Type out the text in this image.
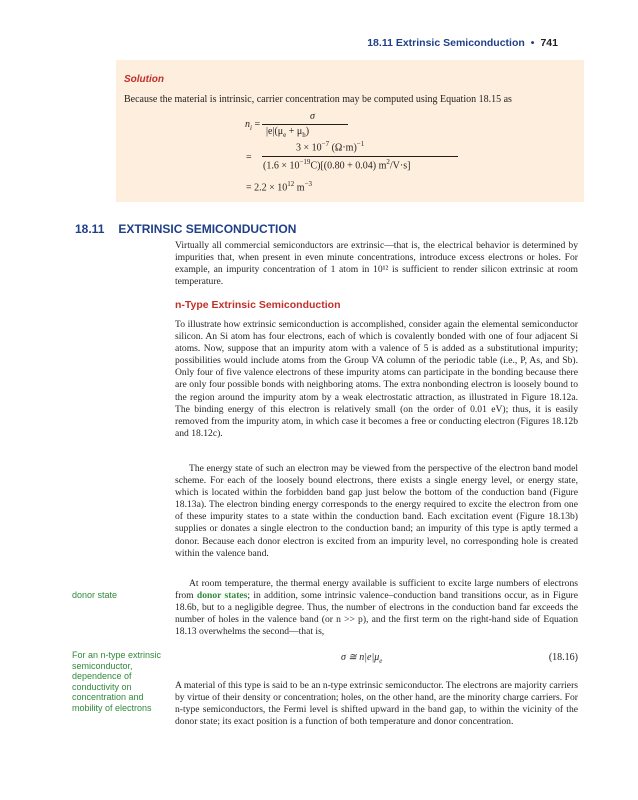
18.11 Extrinsic Semiconduction • 741
Solution
Because the material is intrinsic, carrier concentration may be computed using Equation 18.15 as
$n_i$ =
σ
$|e|(\mu_e + \mu_h)$
$3 \times 10^{-7}$ $(\Omega\cdot m)^{-1}$
=
$(1.6 \times 10^{-19}C)[(0.80 + 0.04)$ $m^2/V\cdot s$]
= $2.2 \times 10^{12}$ $m^{-3}$
18.11 EXTRINSIC SEMICONDUCTION

Virtually all commercial semiconductors are extrinsic—that is, the electrical behavior is determined by impurities that, when present in even minute concentrations, introduce excess electrons or holes. For example, an impurity concentration of 1 atom in 10¹² is sufficient to render silicon extrinsic at room temperature.

n-Type Extrinsic Semiconduction

To illustrate how extrinsic semiconduction is accomplished, consider again the elemental semiconductor silicon. An Si atom has four electrons, each of which is covalently bonded with one of four adjacent Si atoms. Now, suppose that an impurity atom with a valence of 5 is added as a substitutional impurity; possibilities would include atoms from the Group VA column of the periodic table (i.e., P, As, and Sb). Only four of five valence electrons of these impurity atoms can participate in the bonding because there are only four possible bonds with neighboring atoms. The extra nonbonding electron is loosely bound to the region around the impurity atom by a weak electrostatic attraction, as illustrated in Figure 18.12a. The binding energy of this electron is relatively small (on the order of 0.01 eV); thus, it is easily removed from the impurity atom, in which case it becomes a free or conducting electron (Figures 18.12b and 18.12c).

The energy state of such an electron may be viewed from the perspective of the electron band model scheme. For each of the loosely bound electrons, there exists a single energy level, or energy state, which is located within the forbidden band gap just below the bottom of the conduction band (Figure 18.13a). The electron binding energy corresponds to the energy required to excite the electron from one of these impurity states to a state within the conduction band. Each excitation event (Figure 18.13b) supplies or donates a single electron to the conduction band; an impurity of this type is aptly termed a donor. Because each donor electron is excited from an impurity level, no corresponding hole is created within the valence band.

At room temperature, the thermal energy available is sufficient to excite large numbers of electrons from donor states; in addition, some intrinsic valence–conduction band transitions occur, as in Figure 18.6b, but to a negligible degree. Thus, the number of electrons in the conduction band far exceeds the number of holes in the valence band (or n >> p), and the first term on the right-hand side of Equation 18.13 overwhelms the second—that is,

donor state
σ ≅ $n|e|\mu_e$	(18.16)
For an n-type extrinsic semiconductor, dependence of conductivity on concentration and mobility of electrons

A material of this type is said to be an n-type extrinsic semiconductor. The electrons are majority carriers by virtue of their density or concentration; holes, on the other hand, are the minority charge carriers. For n-type semiconductors, the Fermi level is shifted upward in the band gap, to within the vicinity of the donor state; its exact position is a function of both temperature and donor concentration.
